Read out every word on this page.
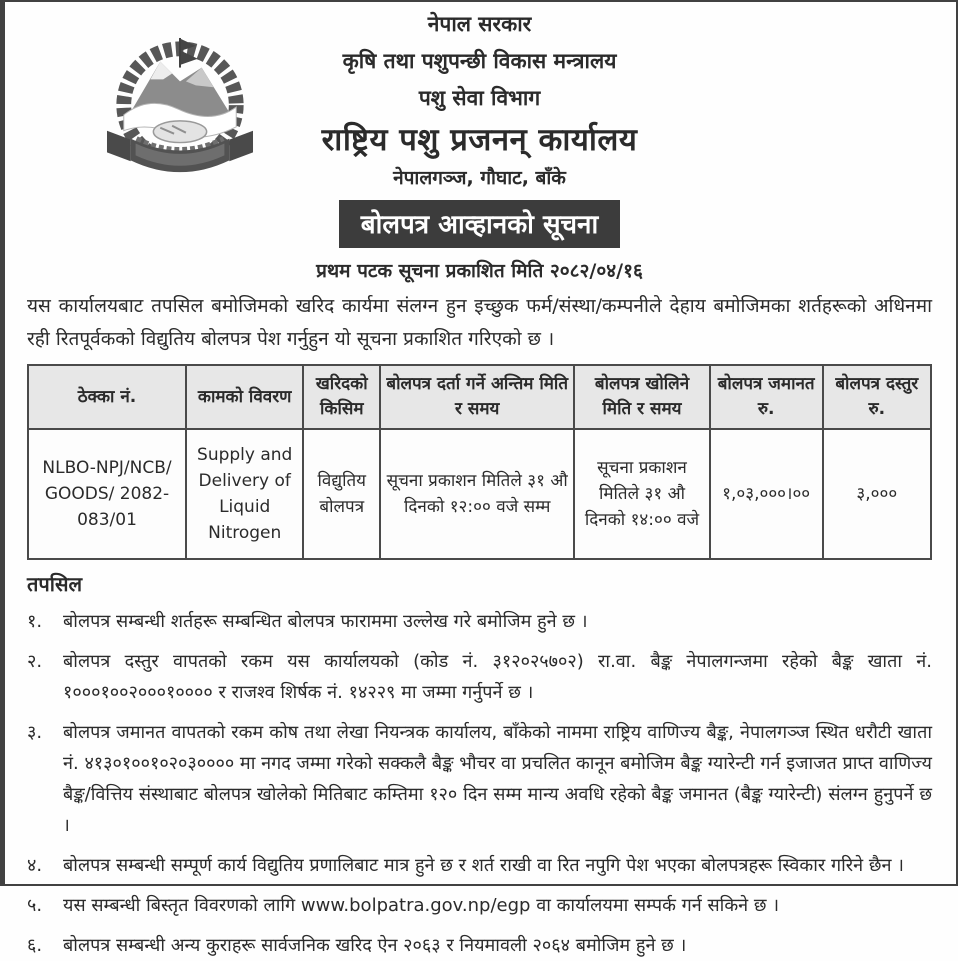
नेपाल सरकार
कृषि तथा पशुपन्छी विकास मन्त्रालय
पशु सेवा विभाग
राष्ट्रिय पशु प्रजनन् कार्यालय
नेपालगञ्ज, गौघाट, बाँके
बोलपत्र आव्हानको सूचना
प्रथम पटक सूचना प्रकाशित मिति २०८२/०४/१६
यस कार्यालयबाट तपसिल बमोजिमको खरिद कार्यमा संलग्न हुन इच्छुक फर्म/संस्था/कम्पनीले देहाय बमोजिमका शर्तहरूको अधिनमा रही रितपूर्वकको विद्युतिय बोलपत्र पेश गर्नुहुन यो सूचना प्रकाशित गरिएको छ ।
ठेक्का नं.	कामको विवरण	खरिदको किसिम	बोलपत्र दर्ता गर्ने अन्तिम मिति र समय	बोलपत्र खोलिने मिति र समय	बोलपत्र जमानत रु.	बोलपत्र दस्तुर रु.
NLBO-NPJ/NCB/ GOODS/ 2082-083/01	Supply and Delivery of Liquid Nitrogen	विद्युतिय बोलपत्र	सूचना प्रकाशन मितिले ३१ औ दिनको १२:०० वजे सम्म	सूचना प्रकाशन मितिले ३१ औ दिनको १४:०० वजे	१,०३,०००।००	३,०००
तपसिल
१.	बोलपत्र सम्बन्धी शर्तहरू सम्बन्धित बोलपत्र फाराममा उल्लेख गरे बमोजिम हुने छ ।
२.	बोलपत्र दस्तुर वापतको रकम यस कार्यालयको (कोड नं. ३१२०२५७०२) रा.वा. बैङ्क नेपालगन्जमा रहेको बैङ्क खाता नं. १०००१००२०००१०००० र राजश्व शिर्षक नं. १४२२९ मा जम्मा गर्नुपर्ने छ ।
३.	बोलपत्र जमानत वापतको रकम कोष तथा लेखा नियन्त्रक कार्यालय, बाँकेको नाममा राष्ट्रिय वाणिज्य बैङ्क, नेपालगञ्ज स्थित धरौटी खाता नं. ४१३०१००१०२०३०००० मा नगद जम्मा गरेको सक्कलै बैङ्क भौचर वा प्रचलित कानून बमोजिम बैङ्क ग्यारेन्टी गर्न इजाजत प्राप्त वाणिज्य बैङ्क/वित्तिय संस्थाबाट बोलपत्र खोलेको मितिबाट कम्तिमा १२० दिन सम्म मान्य अवधि रहेको बैङ्क जमानत (बैङ्क ग्यारेन्टी) संलग्न हुनुपर्ने छ ।
४.	बोलपत्र सम्बन्धी सम्पूर्ण कार्य विद्युतिय प्रणालिबाट मात्र हुने छ र शर्त राखी वा रित नपुगि पेश भएका बोलपत्रहरू स्विकार गरिने छैन ।
५.	यस सम्बन्धी बिस्तृत विवरणको लागि www.bolpatra.gov.np/egp वा कार्यालयमा सम्पर्क गर्न सकिने छ ।
६.	बोलपत्र सम्बन्धी अन्य कुराहरू सार्वजनिक खरिद ऐन २०६३ र नियमावली २०६४ बमोजिम हुने छ ।
